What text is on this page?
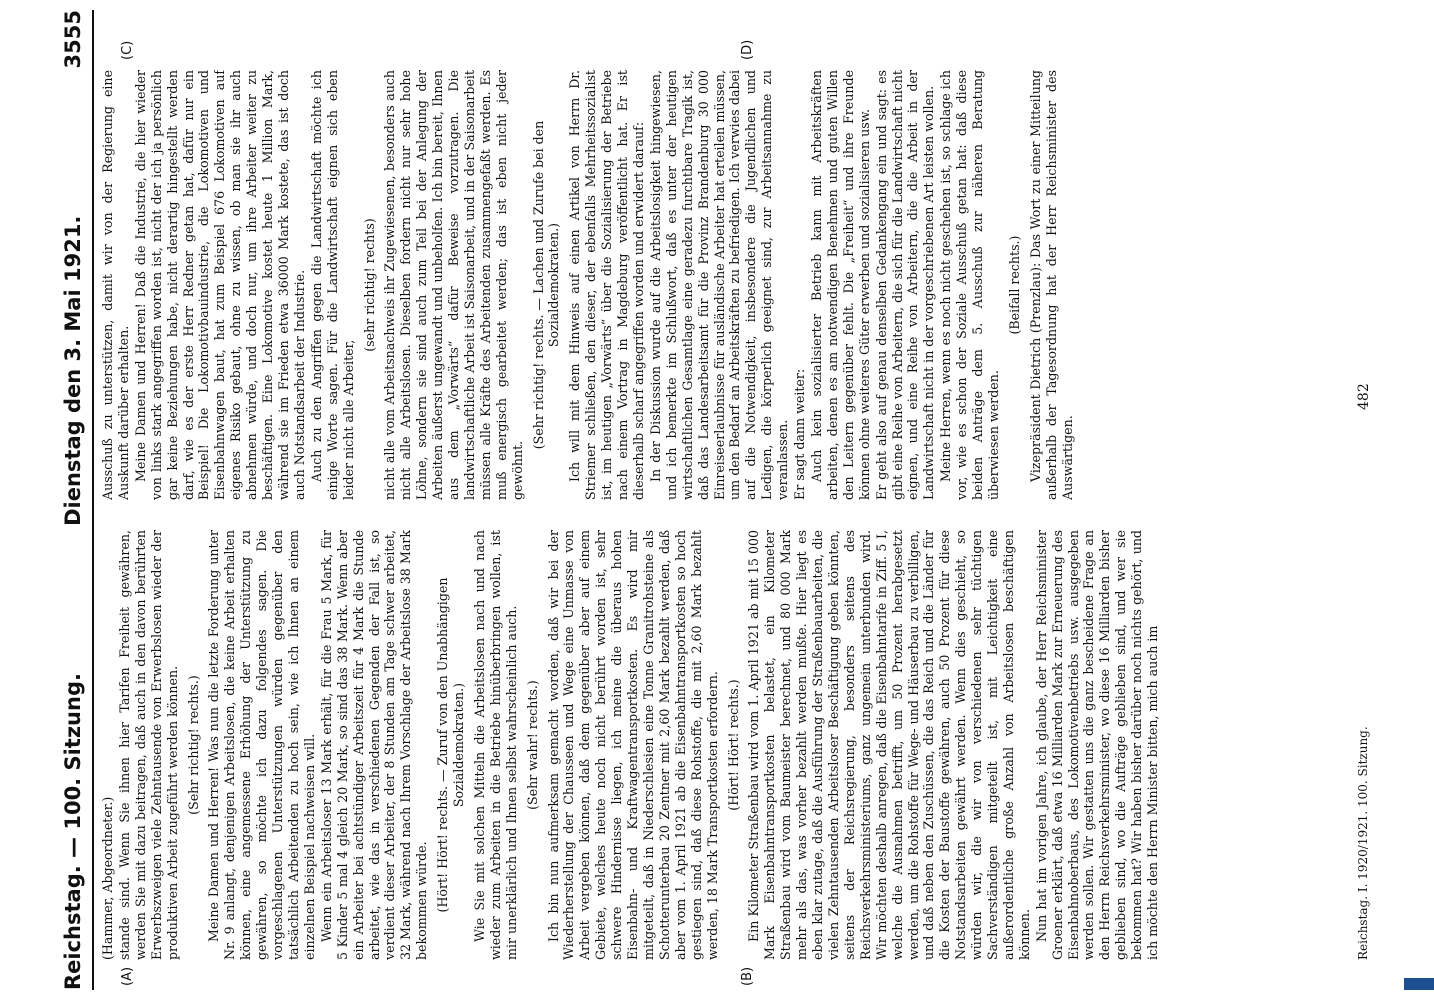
Reichstag. — 100. Sitzung.
Dienstag den 3. Mai 1921.
3555
(A)	(B)
(C)	(D)

(Hammer, Abgeordneter.) stande sind. Wenn Sie ihnen hier Tarifen Freiheit gewähren, werden Sie mit dazu beitragen, daß auch in den davon berührten Erwerbszweigen viele Zehntausende von Erwerbslosen wieder der produktiven Arbeit zugeführt werden können. (Sehr richtig! rechts.) Meine Damen und Herren! Was nun die letzte Forderung unter Nr. 9 anlangt, denjenigen Arbeitslosen, die keine Arbeit erhalten können, eine angemessene Erhöhung der Unterstützung zu gewähren, so möchte ich dazu folgendes sagen. Die vorgeschlagenen Unterstützungen würden gegenüber den tatsächlich Arbeitenden zu hoch sein, wie ich Ihnen an einem einzelnen Beispiel nachweisen will. Wenn ein Arbeitsloser 13 Mark erhält, für die Frau 5 Mark, für 5 Kinder 5 mal 4 gleich 20 Mark, so sind das 38 Mark. Wenn aber ein Arbeiter bei achtstündiger Arbeitszeit für 4 Mark die Stunde arbeitet, wie das in verschiedenen Gegenden der Fall ist, so verdient dieser Arbeiter, der 8 Stunden am Tage schwer arbeitet, 32 Mark, während nach Ihrem Vorschlage der Arbeitslose 38 Mark bekommen würde. (Hört! Hört! rechts. — Zuruf von den Unabhängigen Sozialdemokraten.) Wie Sie mit solchen Mitteln die Arbeitslosen nach und nach wieder zum Arbeiten in die Betriebe hinüberbringen wollen, ist mir unerklärlich und Ihnen selbst wahrscheinlich auch. (Sehr wahr! rechts.) Ich bin nun aufmerksam gemacht worden, daß wir bei der Wiederherstellung der Chausseen und Wege eine Unmasse von Arbeit vergeben können, daß dem gegenüber aber auf einem Gebiete, welches heute noch nicht berührt worden ist, sehr schwere Hindernisse liegen, ich meine die überaus hohen Eisenbahn- und Kraftwagentransportkosten. Es wird mir mitgeteilt, daß in Niederschlesien eine Tonne Granitrohsteine als Schotterunterbau 20 Zentner mit 2,60 Mark bezahlt werden, daß aber vom 1. April 1921 ab die Eisenbahntransportkosten so hoch gestiegen sind, daß diese Rohstoffe, die mit 2,60 Mark bezahlt werden, 18 Mark Transportkosten erfordern. (Hört! Hört! rechts.) Ein Kilometer Straßenbau wird vom 1. April 1921 ab mit 15 000 Mark Eisenbahntransportkosten belastet, ein Kilometer Straßenbau wird vom Baumeister berechnet, und 80 000 Mark mehr als das, was vorher bezahlt werden mußte. Hier liegt es eben klar zutage, daß die Ausführung der Straßenbauarbeiten, die vielen Zehntausenden Arbeitsloser Beschäftigung geben könnten, seitens der Reichsregierung, besonders seitens des Reichsverkehrsministeriums, ganz ungemein unterbunden wird. Wir möchten deshalb anregen, daß die Eisenbahntarife in Ziff. 5 I, welche die Ausnahmen betrifft, um 50 Prozent herabgesetzt werden, um die Rohstoffe für Wege- und Häuserbau zu verbilligen, und daß neben den Zuschüssen, die das Reich und die Länder für die Kosten der Baustoffe gewähren, auch 50 Prozent für diese Notstandsarbeiten gewährt werden. Wenn dies geschieht, so würden wir, die wir von verschiedenen sehr tüchtigen Sachverständigen mitgeteilt ist, mit Leichtigkeit eine außerordentliche große Anzahl von Arbeitslosen beschäftigen können. Nun hat im vorigen Jahre, ich glaube, der Herr Reichsminister Groener erklärt, daß etwa 16 Milliarden Mark zur Erneuerung des Eisenbahnoberbaus, des Lokomotivenbetriebs usw. ausgegeben werden sollen. Wir gestatten uns die ganz bescheidene Frage an den Herrn Reichsverkehrsminister, wo diese 16 Milliarden bisher geblieben sind, wo die Aufträge geblieben sind, und wer sie bekommen hat? Wir haben bisher darüber noch nichts gehört, und ich möchte den Herrn Minister bitten, mich auch im

Ausschuß zu unterstützen, damit wir von der Regierung eine Auskunft darüber erhalten. Meine Damen und Herren! Daß die Industrie, die hier wieder von links stark angegriffen worden ist, nicht der ich ja persönlich gar keine Beziehungen habe, nicht derartig hingestellt werden darf, wie es der erste Herr Redner getan hat, dafür nur ein Beispiel! Die Lokomotivbauindustrie, die Lokomotiven und Eisenbahnwagen baut, hat zum Beispiel 676 Lokomotiven auf eigenes Risiko gebaut, ohne zu wissen, ob man sie ihr auch abnehmen würde, und doch nur, um ihre Arbeiter weiter zu beschäftigen. Eine Lokomotive kostet heute 1 Million Mark, während sie im Frieden etwa 36000 Mark kostete, das ist doch auch Notstandsarbeit der Industrie. Auch zu den Angriffen gegen die Landwirtschaft möchte ich einige Worte sagen. Für die Landwirtschaft eignen sich eben leider nicht alle Arbeiter,

(sehr richtig! rechts) nicht alle vom Arbeitsnachweis ihr Zugewiesenen, besonders auch nicht alle Arbeitslosen. Dieselben fordern nicht nur sehr hohe Löhne, sondern sie sind auch zum Teil bei der Anlegung der Arbeiten äußerst ungewandt und unbeholfen. Ich bin bereit, Ihnen aus dem „Vorwärts“ dafür Beweise vorzutragen. Die landwirtschaftliche Arbeit ist Saisonarbeit, und in der Saisonarbeit müssen alle Kräfte des Arbeitenden zusammengefaßt werden. Es muß energisch gearbeitet werden; das ist eben nicht jeder gewöhnt.

(Sehr richtig! rechts. — Lachen und Zurufe bei den Sozialdemokraten.) Ich will mit dem Hinweis auf einen Artikel von Herrn Dr. Striemer schließen, den dieser, der ebenfalls Mehrheitssozialist ist, im heutigen „Vorwärts“ über die Sozialisierung der Betriebe nach einem Vortrag in Magdeburg veröffentlicht hat. Er ist dieserhalb scharf angegriffen worden und erwidert darauf: In der Diskussion wurde auf die Arbeitslosigkeit hingewiesen, und ich bemerkte im Schlußwort, daß es unter der heutigen wirtschaftlichen Gesamtlage eine geradezu furchtbare Tragik ist, daß das Landesarbeitsamt für die Provinz Brandenburg 30 000 Einreiseerlaubnisse für ausländische Arbeiter hat erteilen müssen, um den Bedarf an Arbeitskräften zu befriedigen. Ich verwies dabei auf die Notwendigkeit, insbesondere die Jugendlichen und Ledigen, die körperlich geeignet sind, zur Arbeitsannahme zu veranlassen. Er sagt dann weiter: Auch kein sozialisierter Betrieb kann mit Arbeitskräften arbeiten, denen es am notwendigen Benehmen und guten Willen den Leitern gegenüber fehlt. Die „Freiheit“ und ihre Freunde können ohne weiteres Güter erwerben und sozialisieren usw. Er geht also auf genau denselben Gedankengang ein und sagt: es gibt eine Reihe von Arbeitern, die sich für die Landwirtschaft nicht eignen, und eine Reihe von Arbeitern, die die Arbeit in der Landwirtschaft nicht in der vorgeschriebenen Art leisten wollen. Meine Herren, wenn es noch nicht geschehen ist, so schlage ich vor, wie es schon der Soziale Ausschuß getan hat: daß diese beiden Anträge dem 5. Ausschuß zur näheren Beratung überwiesen werden.

(Beifall rechts.) Vizepräsident Dietrich (Prenzlau): Das Wort zu einer Mitteilung außerhalb der Tagesordnung hat der Herr Reichsminister des Auswärtigen.

Reichstag. I. 1920/1921. 100. Sitzung.
482
